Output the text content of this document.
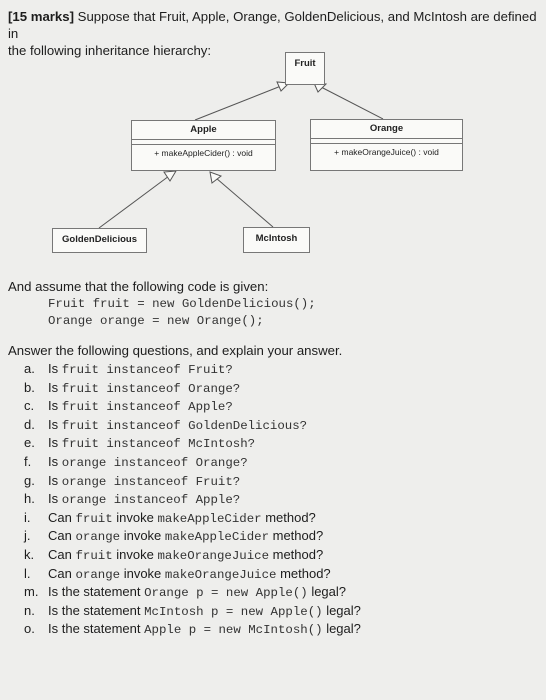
[15 marks] Suppose that Fruit, Apple, Orange, GoldenDelicious, and McIntosh are defined in
the following inheritance hierarchy:
Fruit
Apple
+ makeAppleCider() : void
Orange
+ makeOrangeJuice() : void
GoldenDelicious	McIntosh
And assume that the following code is given:
Fruit fruit = new GoldenDelicious();
Orange orange = new Orange();
Answer the following questions, and explain your answer.
a.	Is fruit instanceof Fruit?
b.	Is fruit instanceof Orange?
c.	Is fruit instanceof Apple?
d.	Is fruit instanceof GoldenDelicious?
e.	Is fruit instanceof McIntosh?
f.	Is orange instanceof Orange?
g.	Is orange instanceof Fruit?
h.	Is orange instanceof Apple?
i.	Can fruit invoke makeAppleCider method?
j.	Can orange invoke makeAppleCider method?
k.	Can fruit invoke makeOrangeJuice method?
l.	Can orange invoke makeOrangeJuice method?
m. Is the statement Orange p = new Apple() legal?
n.	Is the statement McIntosh p = new Apple() legal?
o.	Is the statement Apple p = new McIntosh() legal?
